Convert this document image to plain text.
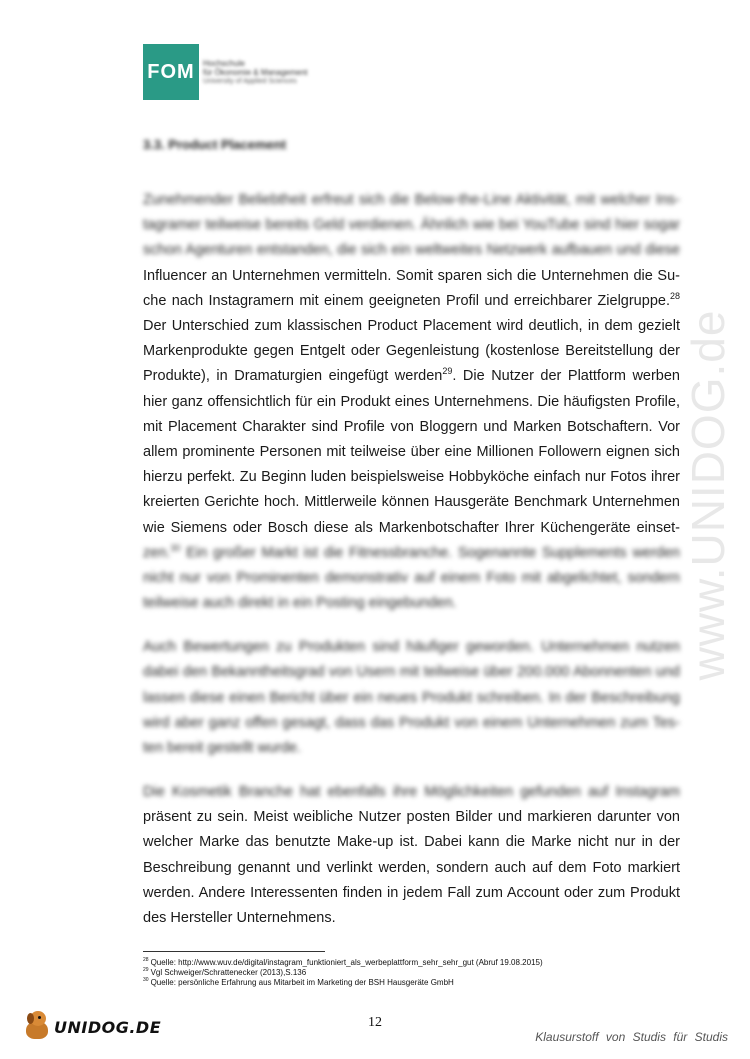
FOM Hochschule
für Ökonomie & Management
University of Applied Sciences
3.3. Product Placement
www.UNIDOG.de
Zunehmender Beliebtheit erfreut sich die Below-the-Line Aktivität, mit welcher Ins-
tagramer teilweise bereits Geld verdienen. Ähnlich wie bei YouTube sind hier sogar
schon Agenturen entstanden, die sich ein weltweites Netzwerk aufbauen und diese
Influencer an Unternehmen vermitteln. Somit sparen sich die Unternehmen die Su-
che nach Instagramern mit einem geeigneten Profil und erreichbarer Zielgruppe.$^{28}$
Der Unterschied zum klassischen Product Placement wird deutlich, in dem gezielt
Markenprodukte gegen Entgelt oder Gegenleistung (kostenlose Bereitstellung der
Produkte), in Dramaturgien eingefügt werden$^{29}$. Die Nutzer der Plattform werben
hier ganz offensichtlich für ein Produkt eines Unternehmens. Die häufigsten Profile,
mit Placement Charakter sind Profile von Bloggern und Marken Botschaftern. Vor
allem prominente Personen mit teilweise über eine Millionen Followern eignen sich
hierzu perfekt. Zu Beginn luden beispielsweise Hobbyköche einfach nur Fotos ihrer
kreierten Gerichte hoch. Mittlerweile können Hausgeräte Benchmark Unternehmen
wie Siemens oder Bosch diese als Markenbotschafter Ihrer Küchengeräte einset-
zen.$^{30}$ Ein großer Markt ist die Fitnessbranche. Sogenannte Supplements werden
nicht nur von Prominenten demonstrativ auf einem Foto mit abgelichtet, sondern
teilweise auch direkt in ein Posting eingebunden.
Auch Bewertungen zu Produkten sind häufiger geworden. Unternehmen nutzen
dabei den Bekanntheitsgrad von Usern mit teilweise über 200.000 Abonnenten und
lassen diese einen Bericht über ein neues Produkt schreiben. In der Beschreibung
wird aber ganz offen gesagt, dass das Produkt von einem Unternehmen zum Tes-
ten bereit gestellt wurde.
Die Kosmetik Branche hat ebenfalls ihre Möglichkeiten gefunden auf Instagram
präsent zu sein. Meist weibliche Nutzer posten Bilder und markieren darunter von
welcher Marke das benutzte Make-up ist. Dabei kann die Marke nicht nur in der
Beschreibung genannt und verlinkt werden, sondern auch auf dem Foto markiert
werden. Andere Interessenten finden in jedem Fall zum Account oder zum Produkt
des Hersteller Unternehmens.
$^{28}$ Quelle: http://www.wuv.de/digital/instagram_funktioniert_als_werbeplattform_sehr_sehr_gut (Abruf 19.08.2015)
$^{29}$ Vgl Schweiger/Schrattenecker (2013),S.136
$^{30}$ Quelle: persönliche Erfahrung aus Mitarbeit im Marketing der BSH Hausgeräte GmbH
UNIDOG.DE	12
Klausurstoff von Studis für Studis
